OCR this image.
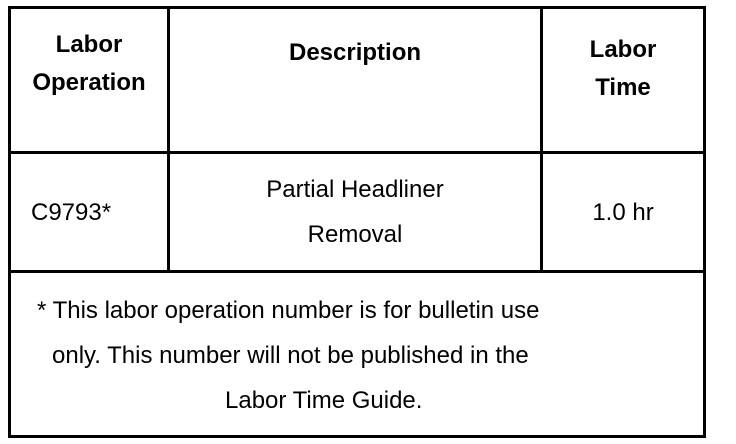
Labor
Operation
Description	Labor
Time
C9793*
Partial Headliner
Removal
1.0 hr
* This labor operation number is for bulletin use
only. This number will not be published in the
Labor Time Guide.
